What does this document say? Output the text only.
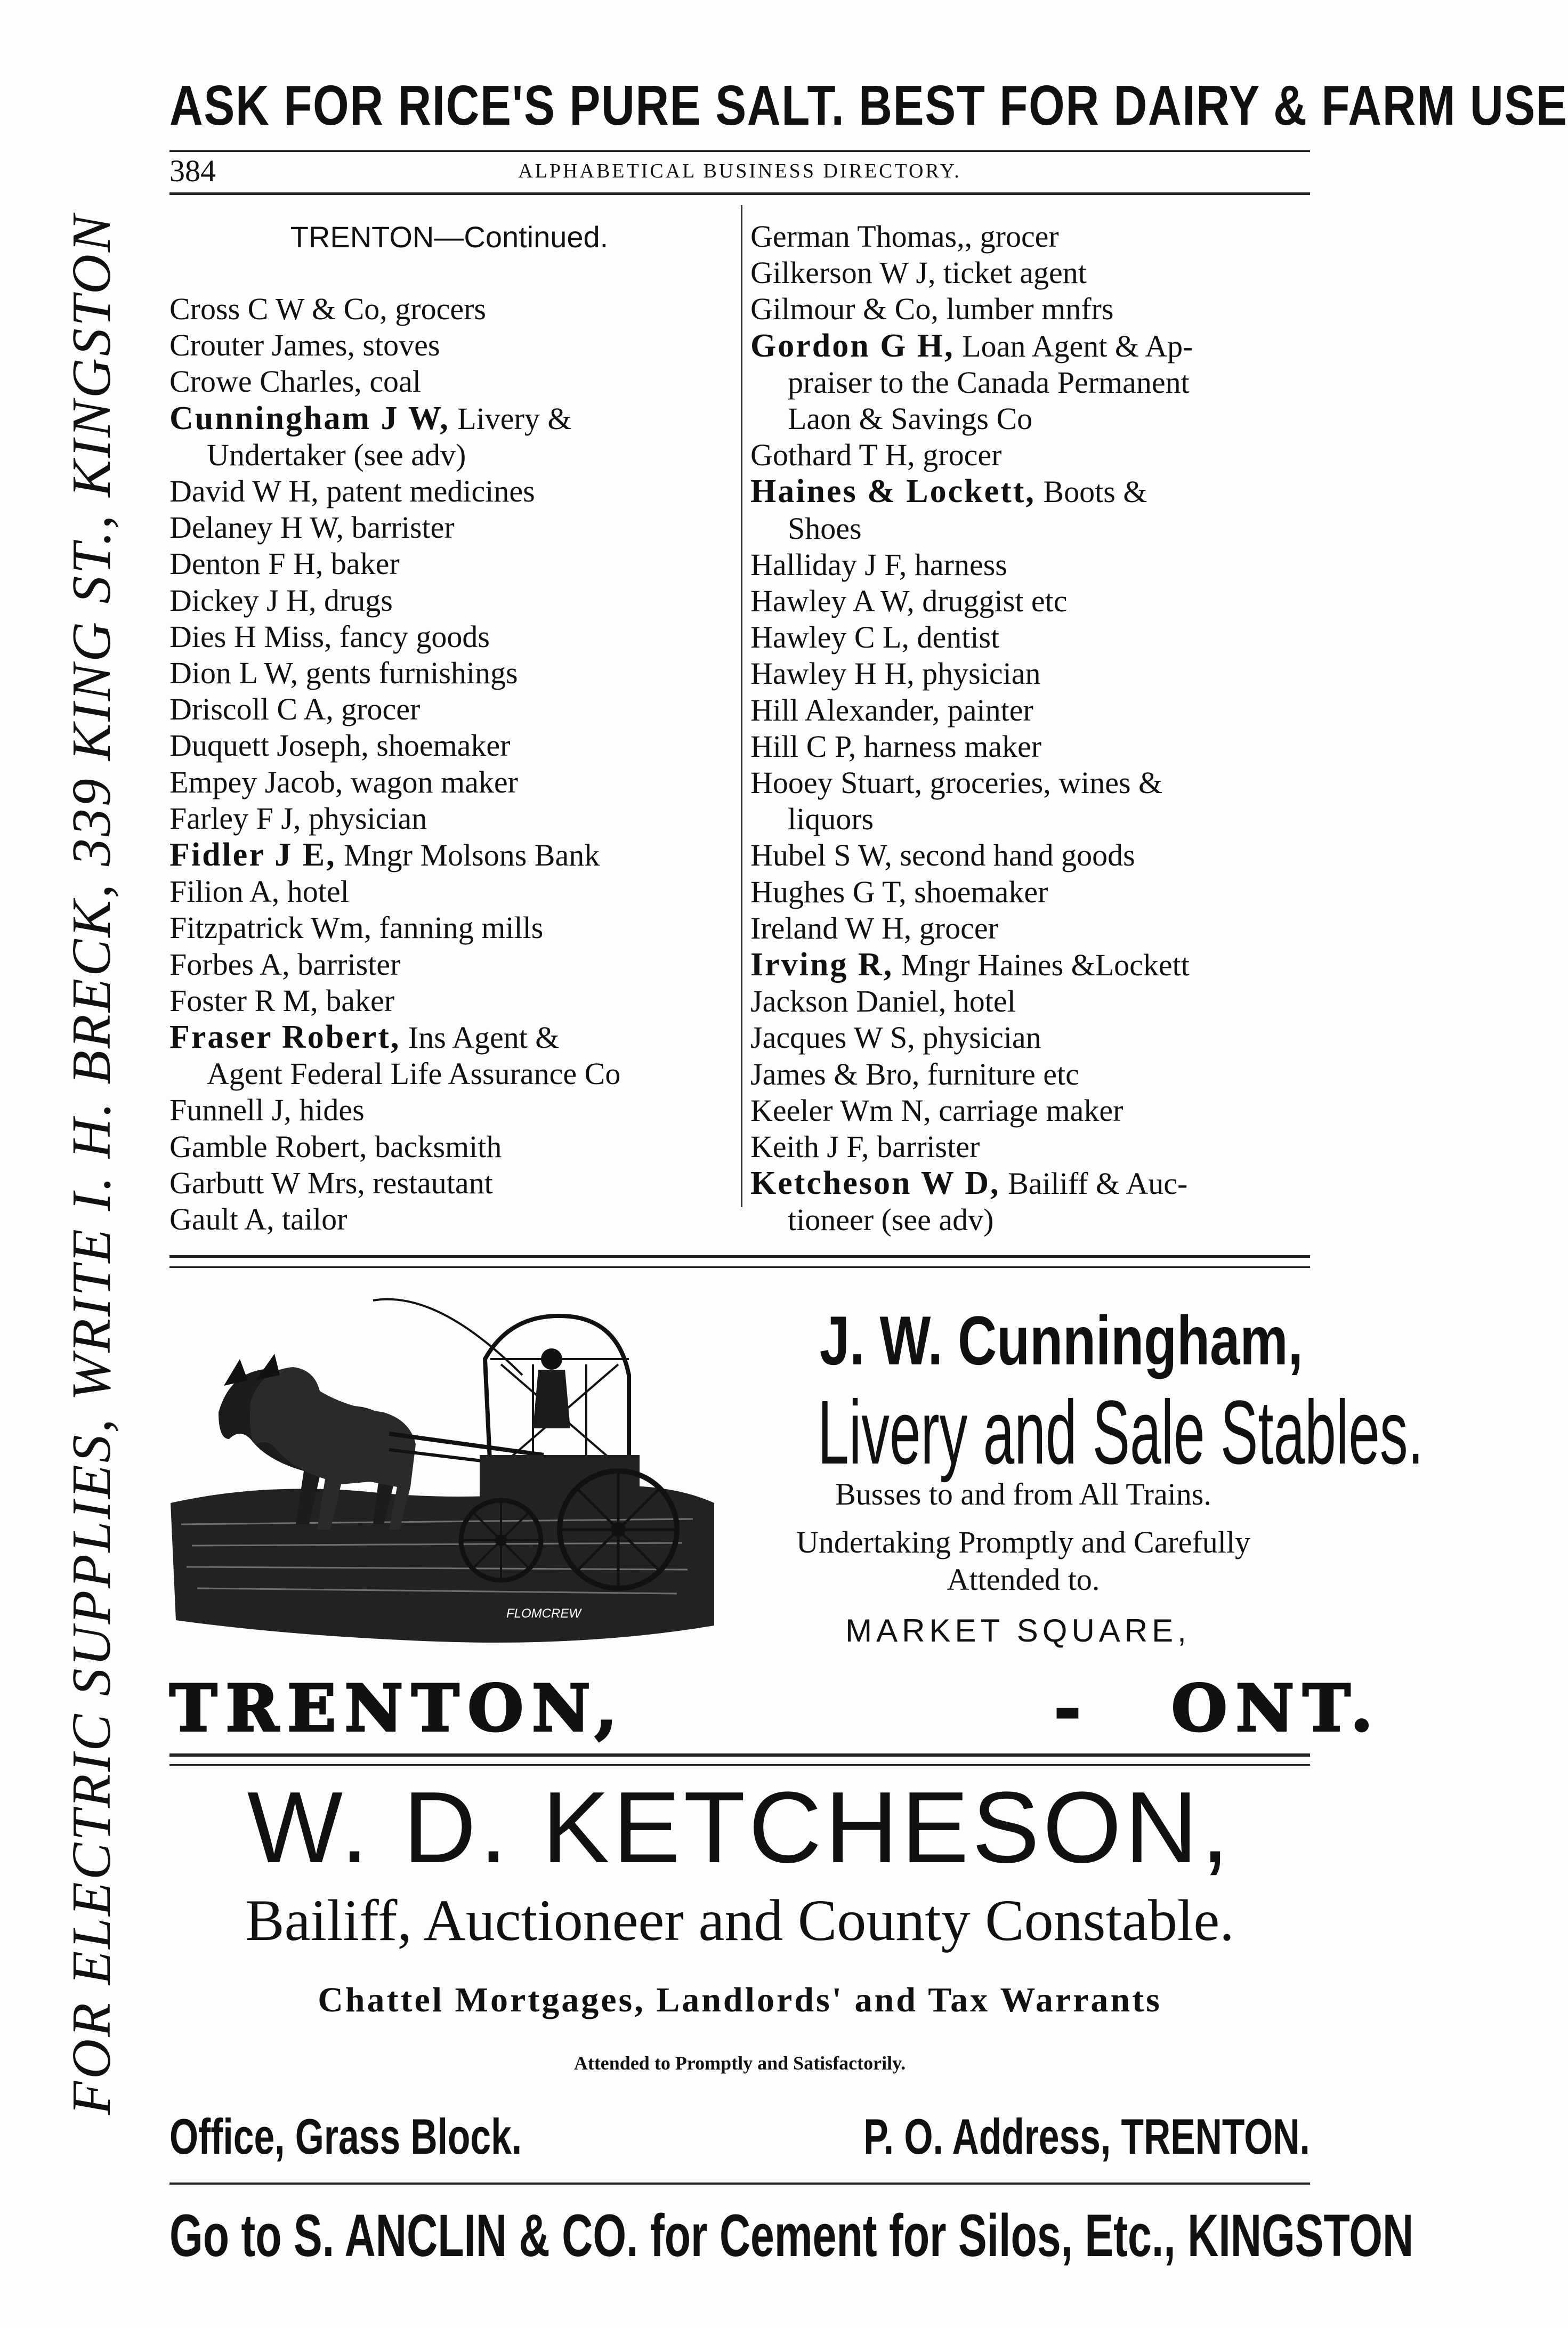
FOR ELECTRIC SUPPLIES, WRITE I. H. BRECK, 339 KING ST., KINGSTON
ASK FOR RICE'S PURE SALT. BEST FOR DAIRY & FARM USE
384	ALPHABETICAL BUSINESS DIRECTORY.
TRENTON—Continued.
Cross C W & Co, grocers
Crouter James, stoves
Crowe Charles, coal
Cunningham J W, Livery &
Undertaker (see adv)
David W H, patent medicines
Delaney H W, barrister
Denton F H, baker
Dickey J H, drugs
Dies H Miss, fancy goods
Dion L W, gents furnishings
Driscoll C A, grocer
Duquett Joseph, shoemaker
Empey Jacob, wagon maker
Farley F J, physician
Fidler J E, Mngr Molsons Bank
Filion A, hotel
Fitzpatrick Wm, fanning mills
Forbes A, barrister
Foster R M, baker
Fraser Robert, Ins Agent &
Agent Federal Life Assurance Co
Funnell J, hides
Gamble Robert, backsmith
Garbutt W Mrs, restautant
Gault A, tailor
German Thomas,, grocer
Gilkerson W J, ticket agent
Gilmour & Co, lumber mnfrs
Gordon G H, Loan Agent & Ap-
praiser to the Canada Permanent
Laon & Savings Co
Gothard T H, grocer
Haines & Lockett, Boots &
Shoes
Halliday J F, harness
Hawley A W, druggist etc
Hawley C L, dentist
Hawley H H, physician
Hill Alexander, painter
Hill C P, harness maker
Hooey Stuart, groceries, wines &
liquors
Hubel S W, second hand goods
Hughes G T, shoemaker
Ireland W H, grocer
Irving R, Mngr Haines &Lockett
Jackson Daniel, hotel
Jacques W S, physician
James & Bro, furniture etc
Keeler Wm N, carriage maker
Keith J F, barrister
Ketcheson W D, Bailiff & Auc-
tioneer (see adv)
FLOMCREW
J. W. Cunningham,
Livery and Sale Stables.
Busses to and from All Trains.
Undertaking Promptly and Carefully
Attended to.
MARKET SQUARE,
TRENTON,	- ONT.
W. D. KETCHESON,
Bailiff, Auctioneer and County Constable.
Chattel Mortgages, Landlords' and Tax Warrants
Attended to Promptly and Satisfactorily.
Office, Grass Block.	P. O. Address, TRENTON.
Go to S. ANCLIN & CO. for Cement for Silos, Etc., KINGSTON
